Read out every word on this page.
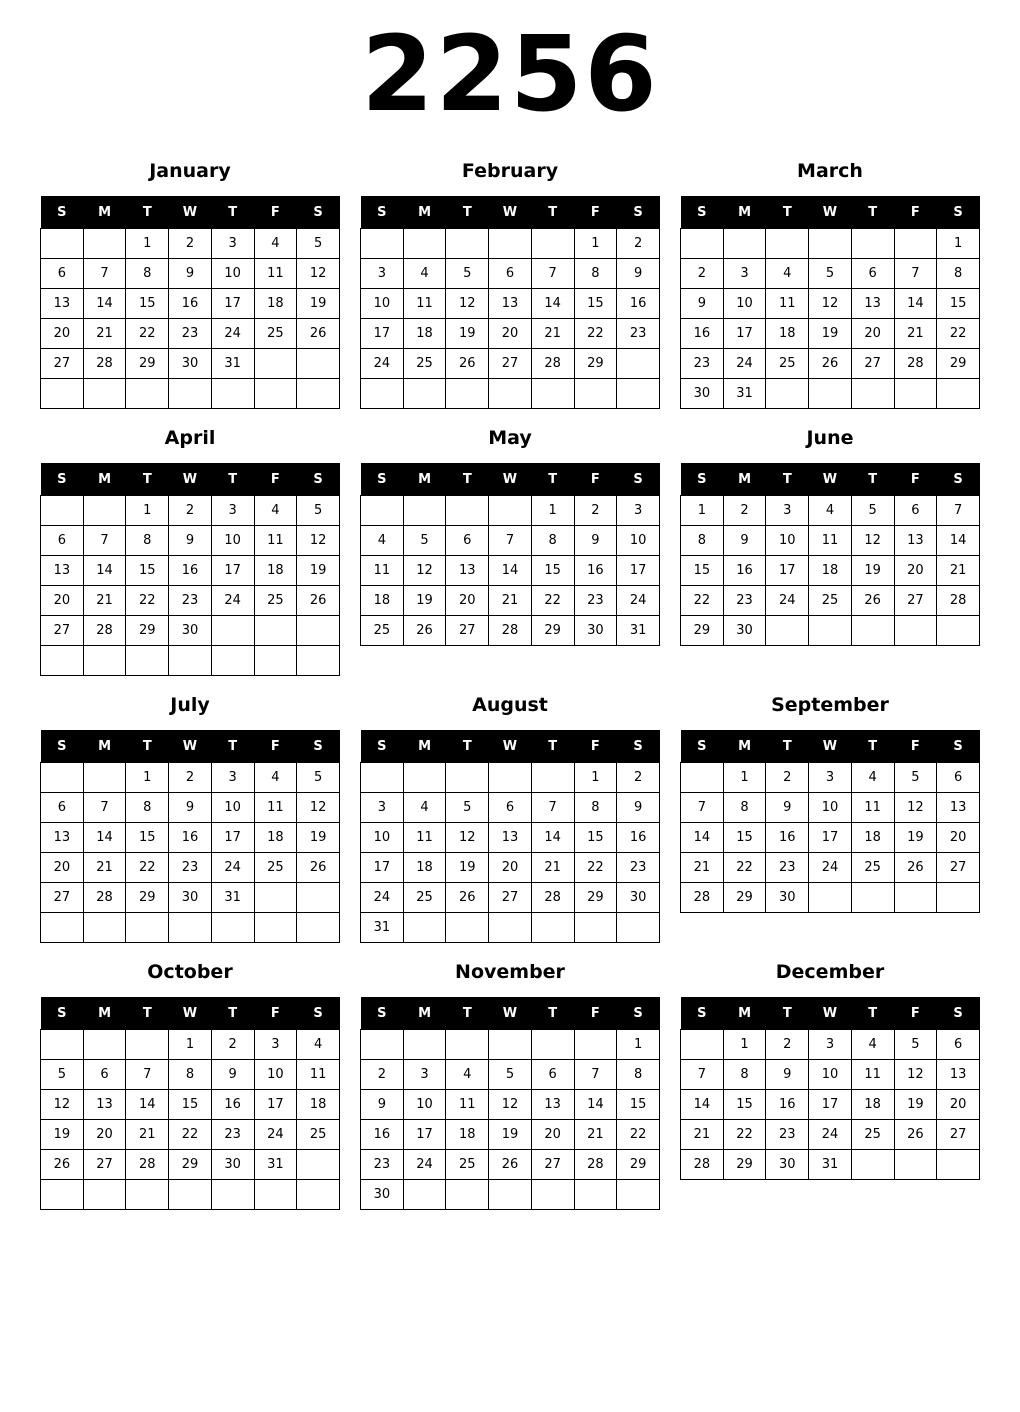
2256
January
S	M	T	W	T	F	S
		1	2	3	4	5
6	7	8	9	10	11	12
13	14	15	16	17	18	19
20	21	22	23	24	25	26
27	28	29	30	31		

February
S	M	T	W	T	F	S
					1	2
3	4	5	6	7	8	9
10	11	12	13	14	15	16
17	18	19	20	21	22	23
24	25	26	27	28	29	

March
S	M	T	W	T	F	S
						1
2	3	4	5	6	7	8
9	10	11	12	13	14	15
16	17	18	19	20	21	22
23	24	25	26	27	28	29
30	31					
April
S	M	T	W	T	F	S
		1	2	3	4	5
6	7	8	9	10	11	12
13	14	15	16	17	18	19
20	21	22	23	24	25	26
27	28	29	30			

May
S	M	T	W	T	F	S
				1	2	3
4	5	6	7	8	9	10
11	12	13	14	15	16	17
18	19	20	21	22	23	24
25	26	27	28	29	30	31
June
S	M	T	W	T	F	S
1	2	3	4	5	6	7
8	9	10	11	12	13	14
15	16	17	18	19	20	21
22	23	24	25	26	27	28
29	30					
July
S	M	T	W	T	F	S
		1	2	3	4	5
6	7	8	9	10	11	12
13	14	15	16	17	18	19
20	21	22	23	24	25	26
27	28	29	30	31		

August
S	M	T	W	T	F	S
					1	2
3	4	5	6	7	8	9
10	11	12	13	14	15	16
17	18	19	20	21	22	23
24	25	26	27	28	29	30
31						
September
S	M	T	W	T	F	S
	1	2	3	4	5	6
7	8	9	10	11	12	13
14	15	16	17	18	19	20
21	22	23	24	25	26	27
28	29	30				
October
S	M	T	W	T	F	S
			1	2	3	4
5	6	7	8	9	10	11
12	13	14	15	16	17	18
19	20	21	22	23	24	25
26	27	28	29	30	31	

November
S	M	T	W	T	F	S
						1
2	3	4	5	6	7	8
9	10	11	12	13	14	15
16	17	18	19	20	21	22
23	24	25	26	27	28	29
30						
December
S	M	T	W	T	F	S
	1	2	3	4	5	6
7	8	9	10	11	12	13
14	15	16	17	18	19	20
21	22	23	24	25	26	27
28	29	30	31			
